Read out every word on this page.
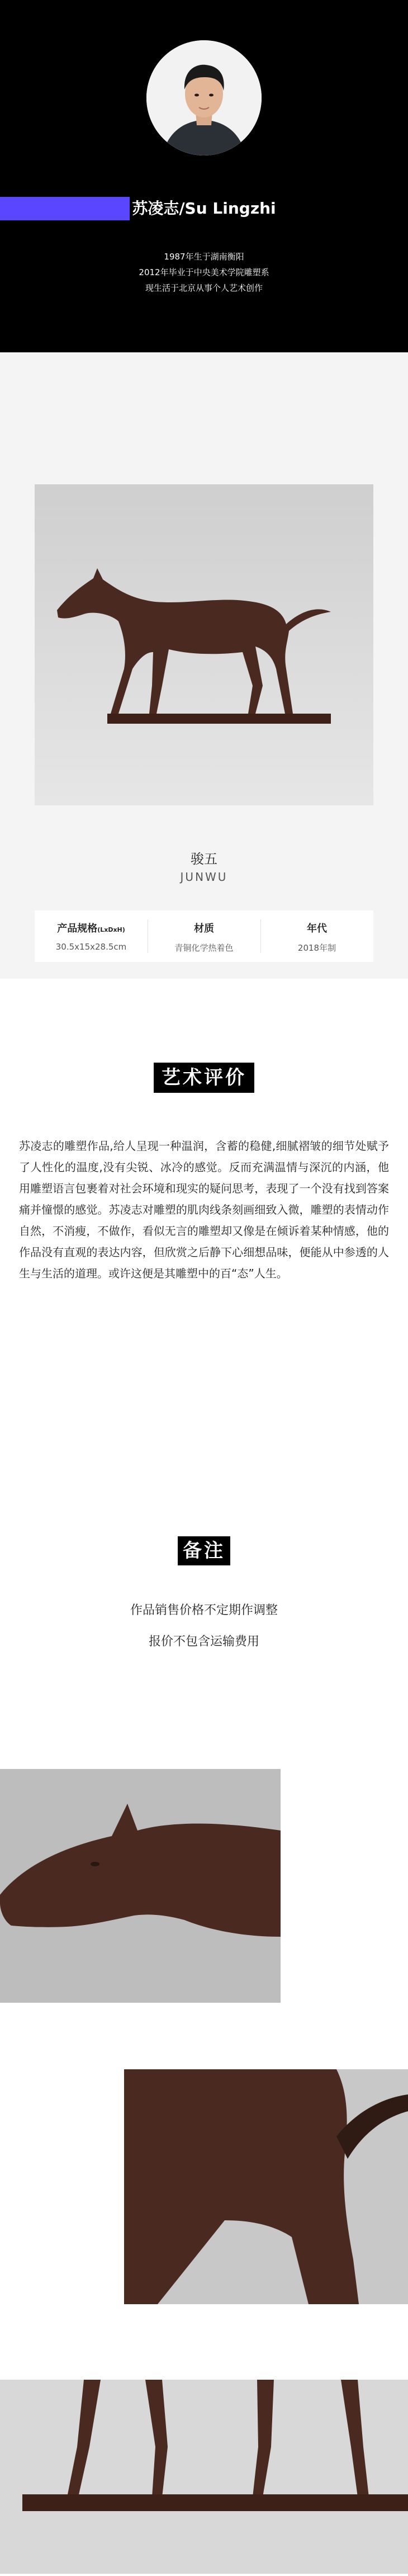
苏凌志/Su Lingzhi
1987年生于湖南衡阳
2012年毕业于中央美术学院雕塑系
现生活于北京从事个人艺术创作
骏五
JUNWU
产品规格(LxDxH)
30.5x15x28.5cm
材质
青铜化学热着色
年代
2018年制
艺术评价
苏凌志的雕塑作品,给人呈现一种温润，含蓄的稳健,细腻褶皱的细节处赋予了人性化的温度,没有尖锐、冰冷的感觉。反而充满温情与深沉的内涵，他用雕塑语言包裹着对社会环境和现实的疑问思考，表现了一个没有找到答案痛并憧憬的感觉。苏凌志对雕塑的肌肉线条刻画细致入微，雕塑的表情动作自然，不消瘦，不做作，看似无言的雕塑却又像是在倾诉着某种情感，他的作品没有直观的表达内容，但欣赏之后静下心细想品味，便能从中参透的人生与生活的道理。或许这便是其雕塑中的百“态”人生。
备注
作品销售价格不定期作调整
报价不包含运输费用
